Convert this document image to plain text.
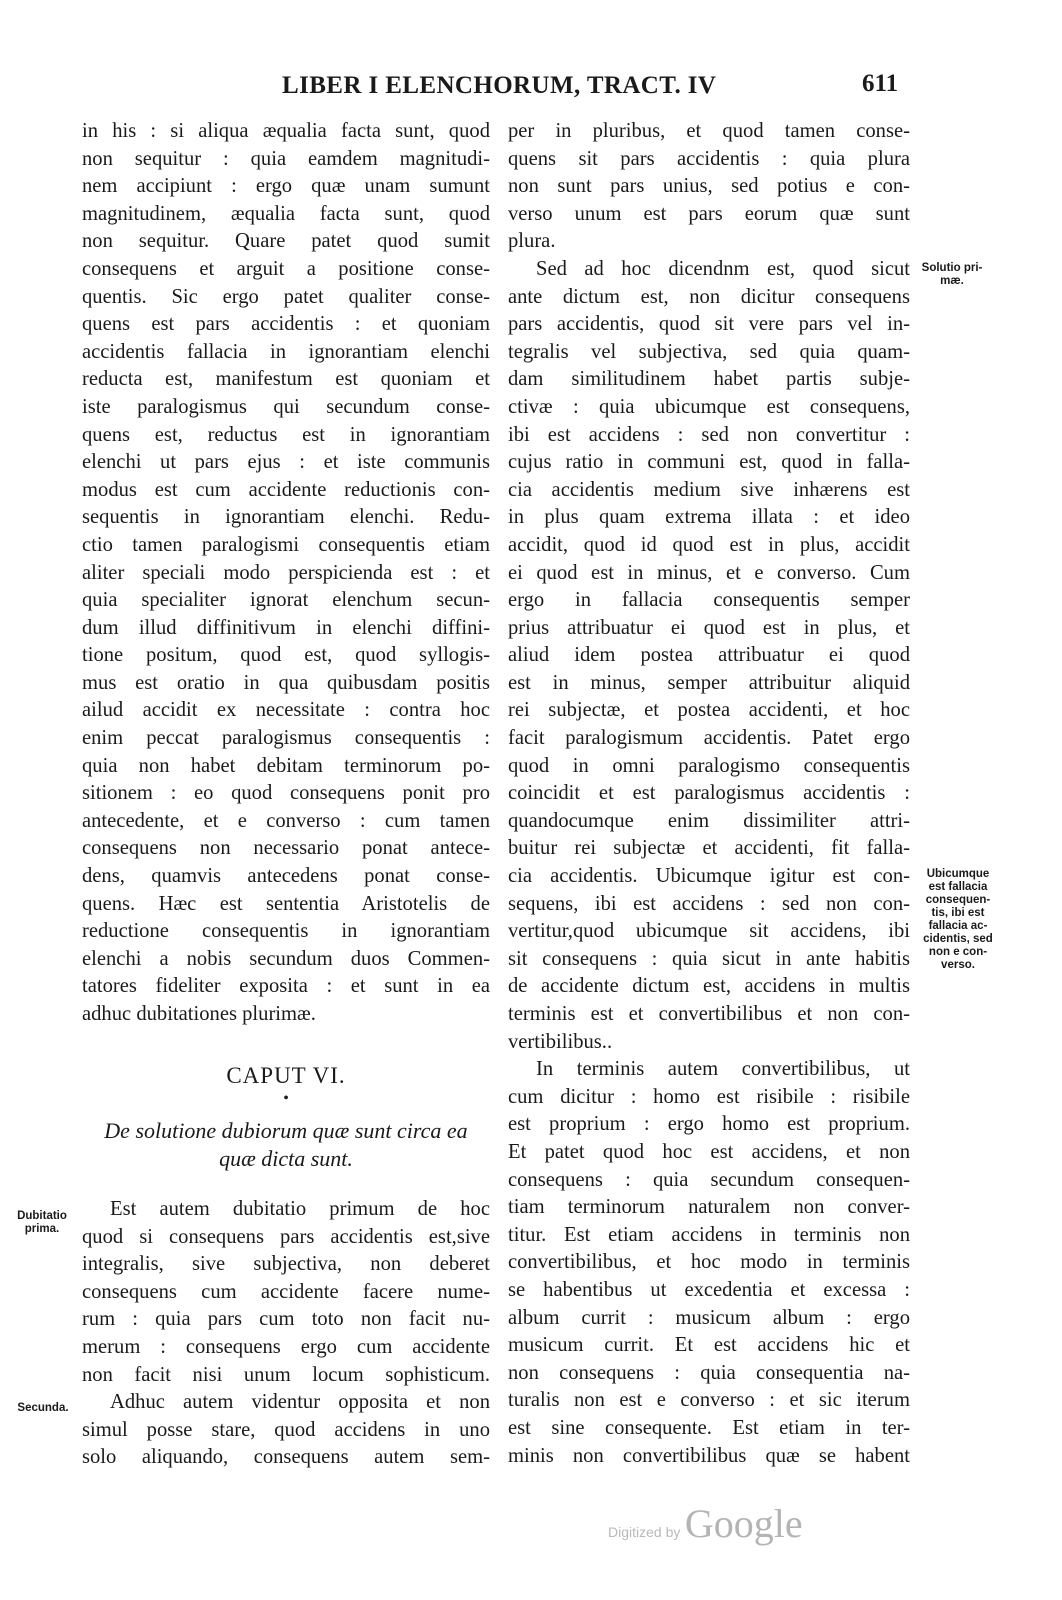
LIBER I ELENCHORUM, TRACT. IV	611
in his : si aliqua æqualia facta sunt, quod
non sequitur : quia eamdem magnitudi-
nem accipiunt : ergo quæ unam sumunt
magnitudinem, æqualia facta sunt, quod
non sequitur. Quare patet quod sumit
consequens et arguit a positione conse-
quentis. Sic ergo patet qualiter conse-
quens est pars accidentis : et quoniam
accidentis fallacia in ignorantiam elenchi
reducta est, manifestum est quoniam et
iste paralogismus qui secundum conse-
quens est, reductus est in ignorantiam
elenchi ut pars ejus : et iste communis
modus est cum accidente reductionis con-
sequentis in ignorantiam elenchi. Redu-
ctio tamen paralogismi consequentis etiam
aliter speciali modo perspicienda est : et
quia specialiter ignorat elenchum secun-
dum illud diffinitivum in elenchi diffini-
tione positum, quod est, quod syllogis-
mus est oratio in qua quibusdam positis
ailud accidit ex necessitate : contra hoc
enim peccat paralogismus consequentis :
quia non habet debitam terminorum po-
sitionem : eo quod consequens ponit pro
antecedente, et e converso : cum tamen
consequens non necessario ponat antece-
dens, quamvis antecedens ponat conse-
quens. Hæc est sententia Aristotelis de
reductione consequentis in ignorantiam
elenchi a nobis secundum duos Commen-
tatores fideliter exposita : et sunt in ea
adhuc dubitationes plurimæ.
CAPUT VI.
•
De solutione dubiorum quæ sunt circa ea
quæ dicta sunt.
Est autem dubitatio primum de hoc
quod si consequens pars accidentis est,sive
integralis, sive subjectiva, non deberet
consequens cum accidente facere nume-
rum : quia pars cum toto non facit nu-
merum : consequens ergo cum accidente
non facit nisi unum locum sophisticum.
Adhuc autem videntur opposita et non
simul posse stare, quod accidens in uno
solo aliquando, consequens autem sem-
per in pluribus, et quod tamen conse-
quens sit pars accidentis : quia plura
non sunt pars unius, sed potius e con-
verso unum est pars eorum quæ sunt
plura.
Sed ad hoc dicendnm est, quod sicut
ante dictum est, non dicitur consequens
pars accidentis, quod sit vere pars vel in-
tegralis vel subjectiva, sed quia quam-
dam similitudinem habet partis subje-
ctivæ : quia ubicumque est consequens,
ibi est accidens : sed non convertitur :
cujus ratio in communi est, quod in falla-
cia accidentis medium sive inhærens est
in plus quam extrema illata : et ideo
accidit, quod id quod est in plus, accidit
ei quod est in minus, et e converso. Cum
ergo in fallacia consequentis semper
prius attribuatur ei quod est in plus, et
aliud idem postea attribuatur ei quod
est in minus, semper attribuitur aliquid
rei subjectæ, et postea accidenti, et hoc
facit paralogismum accidentis. Patet ergo
quod in omni paralogismo consequentis
coincidit et est paralogismus accidentis :
quandocumque enim dissimiliter attri-
buitur rei subjectæ et accidenti, fit falla-
cia accidentis. Ubicumque igitur est con-
sequens, ibi est accidens : sed non con-
vertitur,quod ubicumque sit accidens, ibi
sit consequens : quia sicut in ante habitis
de accidente dictum est, accidens in multis
terminis est et convertibilibus et non con-
vertibilibus..
In terminis autem convertibilibus, ut
cum dicitur : homo est risibile : risibile
est proprium : ergo homo est proprium.
Et patet quod hoc est accidens, et non
consequens : quia secundum consequen-
tiam terminorum naturalem non conver-
titur. Est etiam accidens in terminis non
convertibilibus, et hoc modo in terminis
se habentibus ut excedentia et excessa :
album currit : musicum album : ergo
musicum currit. Et est accidens hic et
non consequens : quia consequentia na-
turalis non est e converso : et sic iterum
est sine consequente. Est etiam in ter-
minis non convertibilibus quæ se habent
Solutio pri-
mæ.
Ubicumque
est fallacia
consequen-
tis, ibi est
fallacia ac-
cidentis, sed
non e con-
verso.
Dubitatio
prima.
Secunda.
Digitized by Google
